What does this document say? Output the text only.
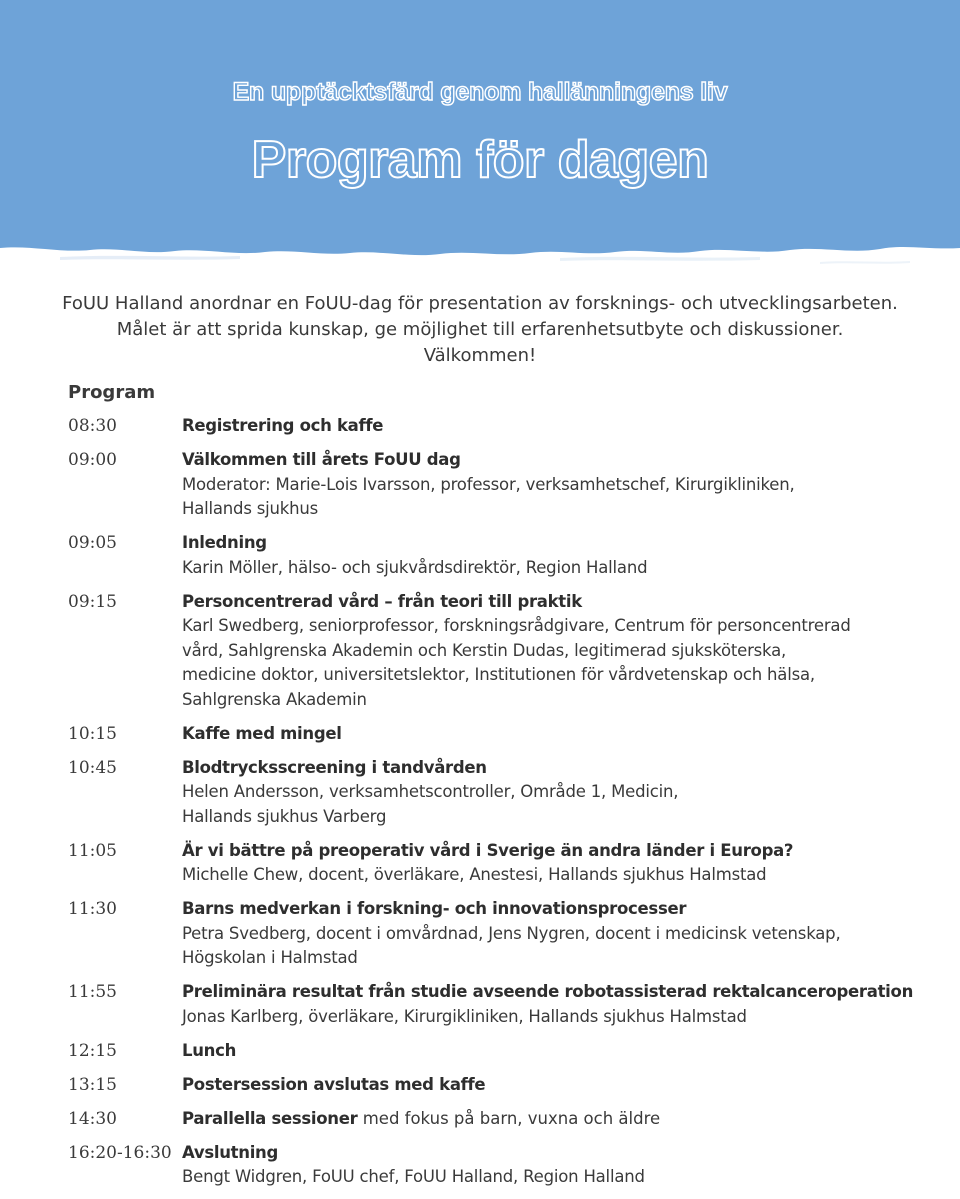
En upptäcktsfärd genom hallänningens liv
Program för dagen
FoUU Halland anordnar en FoUU-dag för presentation av forsknings- och utvecklingsarbeten.
Målet är att sprida kunskap, ge möjlighet till erfarenhetsutbyte och diskussioner.
Välkommen!
Program
08:30	Registrering och kaffe
09:00	Välkommen till årets FoUU dag
Moderator: Marie-Lois Ivarsson, professor, verksamhetschef, Kirurgikliniken,
Hallands sjukhus
09:05	Inledning
Karin Möller, hälso- och sjukvårdsdirektör, Region Halland
09:15	Personcentrerad vård – från teori till praktik
Karl Swedberg, seniorprofessor, forskningsrådgivare, Centrum för personcentrerad
vård, Sahlgrenska Akademin och Kerstin Dudas, legitimerad sjuksköterska,
medicine doktor, universitetslektor, Institutionen för vårdvetenskap och hälsa,
Sahlgrenska Akademin
10:15	Kaffe med mingel
10:45	Blodtrycksscreening i tandvården
Helen Andersson, verksamhetscontroller, Område 1, Medicin,
Hallands sjukhus Varberg
11:05	Är vi bättre på preoperativ vård i Sverige än andra länder i Europa?
Michelle Chew, docent, överläkare, Anestesi, Hallands sjukhus Halmstad
11:30	Barns medverkan i forskning- och innovationsprocesser
Petra Svedberg, docent i omvårdnad, Jens Nygren, docent i medicinsk vetenskap,
Högskolan i Halmstad
11:55	Preliminära resultat från studie avseende robotassisterad rektalcanceroperation
Jonas Karlberg, överläkare, Kirurgikliniken, Hallands sjukhus Halmstad
12:15	Lunch
13:15	Postersession avslutas med kaffe
14:30	Parallella sessioner med fokus på barn, vuxna och äldre
16:20-16:30 Avslutning
Bengt Widgren, FoUU chef, FoUU Halland, Region Halland
